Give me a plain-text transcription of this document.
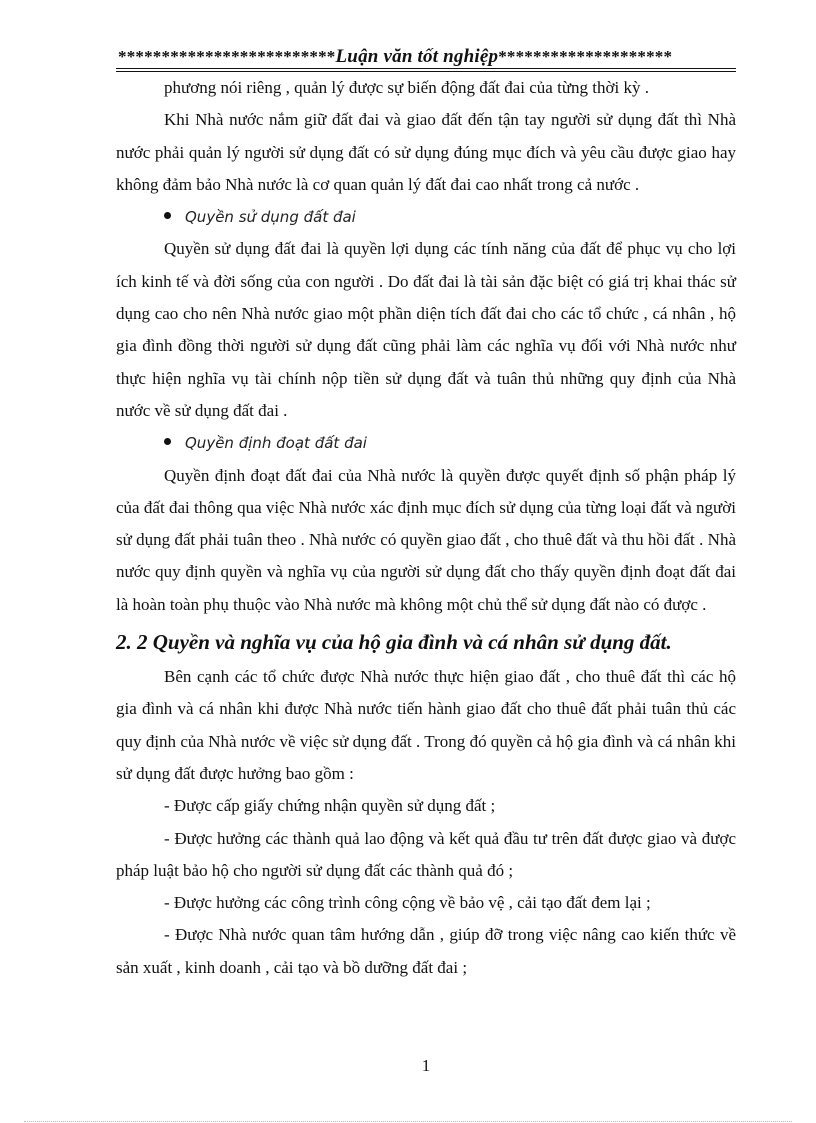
*************************Luận văn tốt nghiệp********************

phương nói riêng , quản lý được sự biến động đất đai của từng thời kỳ .

Khi Nhà nước nắm giữ đất đai và giao đất đến tận tay người sử dụng đất thì Nhà nước phải quản lý người sử dụng đất có sử dụng đúng mục đích và yêu cầu được giao hay không đảm bảo Nhà nước là cơ quan quản lý đất đai cao nhất trong cả nước .

Quyền sử dụng đất đai

Quyền sử dụng đất đai là quyền lợi dụng các tính năng của đất để phục vụ cho lợi ích kinh tế và đời sống của con người . Do đất đai là tài sản đặc biệt có giá trị khai thác sử dụng cao cho nên Nhà nước giao một phần diện tích đất đai cho các tổ chức , cá nhân , hộ gia đình đồng thời người sử dụng đất cũng phải làm các nghĩa vụ đối với Nhà nước như thực hiện nghĩa vụ tài chính nộp tiền sử dụng đất và tuân thủ những quy định của Nhà nước về sử dụng đất đai .

Quyền định đoạt đất đai

Quyền định đoạt đất đai của Nhà nước là quyền được quyết định số phận pháp lý của đất đai thông qua việc Nhà nước xác định mục đích sử dụng của từng loại đất và người sử dụng đất phải tuân theo . Nhà nước có quyền giao đất , cho thuê đất và thu hồi đất . Nhà nước quy định quyền và nghĩa vụ của người sử dụng đất cho thấy quyền định đoạt đất đai là hoàn toàn phụ thuộc vào Nhà nước mà không một chủ thể sử dụng đất nào có được .

2. 2 Quyền và nghĩa vụ của hộ gia đình và cá nhân sử dụng đất.

Bên cạnh các tổ chức được Nhà nước thực hiện giao đất , cho thuê đất thì các hộ gia đình và cá nhân khi được Nhà nước tiến hành giao đất cho thuê đất phải tuân thủ các quy định của Nhà nước về việc sử dụng đất . Trong đó quyền cả hộ gia đình và cá nhân khi sử dụng đất được hưởng bao gồm :

- Được cấp giấy chứng nhận quyền sử dụng đất ;

- Được hưởng các thành quả lao động và kết quả đầu tư trên đất được giao và được pháp luật bảo hộ cho người sử dụng đất các thành quả đó ;

- Được hưởng các công trình công cộng về bảo vệ , cải tạo đất đem lại ;

- Được Nhà nước quan tâm hướng dẫn , giúp đỡ trong việc nâng cao kiến thức về sản xuất , kinh doanh , cải tạo và bồ dưỡng đất đai ;

1
